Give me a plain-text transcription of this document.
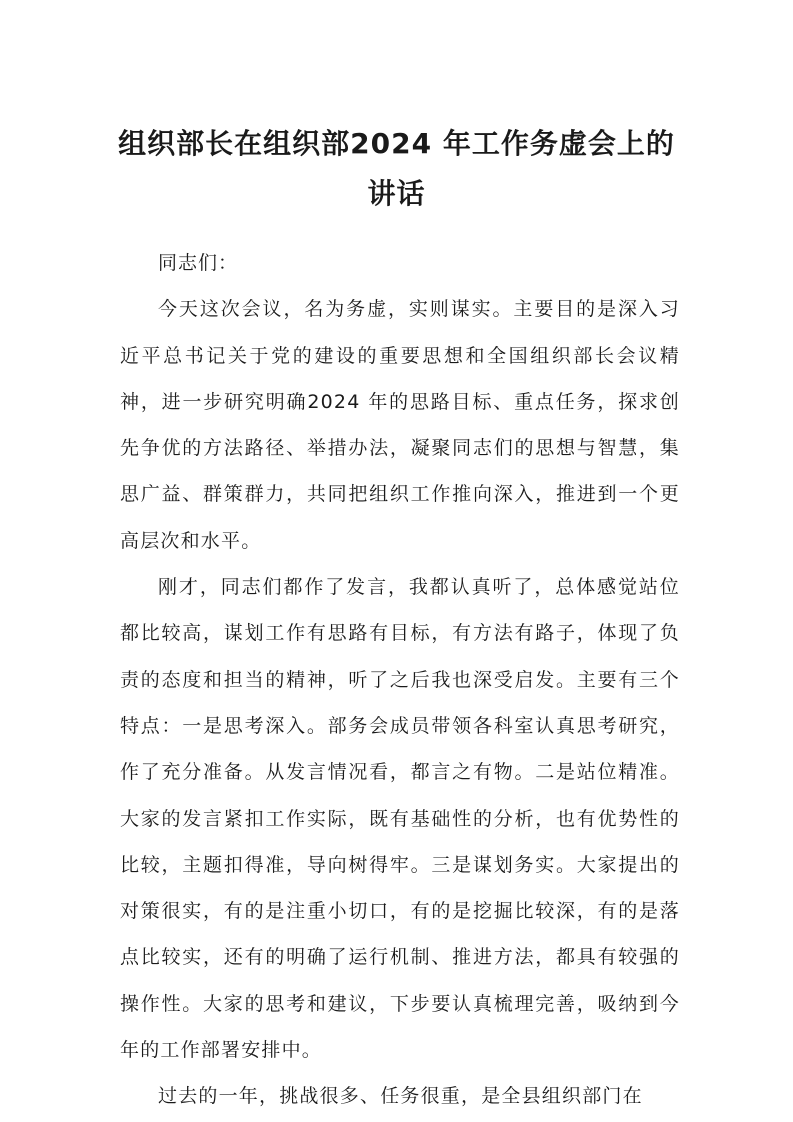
组织部长在组织部2024 年工作务虚会上的
讲话

同志们：

今天这次会议，名为务虚，实则谋实。主要目的是深入习近平总书记关于党的建设的重要思想和全国组织部长会议精神，进一步研究明确2024 年的思路目标、重点任务，探求创先争优的方法路径、举措办法，凝聚同志们的思想与智慧，集思广益、群策群力，共同把组织工作推向深入，推进到一个更高层次和水平。

刚才，同志们都作了发言，我都认真听了，总体感觉站位都比较高，谋划工作有思路有目标，有方法有路子，体现了负责的态度和担当的精神，听了之后我也深受启发。主要有三个特点：一是思考深入。部务会成员带领各科室认真思考研究，作了充分准备。从发言情况看，都言之有物。二是站位精准。大家的发言紧扣工作实际，既有基础性的分析，也有优势性的比较，主题扣得准，导向树得牢。三是谋划务实。大家提出的对策很实，有的是注重小切口，有的是挖掘比较深，有的是落点比较实，还有的明确了运行机制、推进方法，都具有较强的操作性。大家的思考和建议，下步要认真梳理完善，吸纳到今年的工作部署安排中。

过去的一年，挑战很多、任务很重，是全县组织部门在
